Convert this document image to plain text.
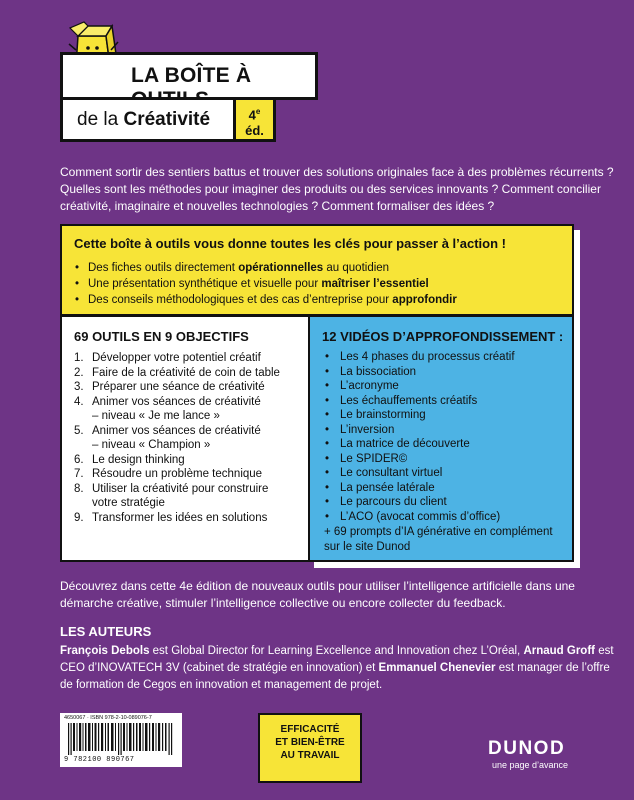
LA BOÎTE À
de la Créativité	4e
éd.
Comment sortir des sentiers battus et trouver des solutions originales face à des problèmes récurrents ? Quelles sont les méthodes pour imaginer des produits ou des services innovants ? Comment concilier créativité, imaginaire et nouvelles technologies ? Comment formaliser des idées ?
Cette boîte à outils vous donne toutes les clés pour passer à l’action !
• Des fiches outils directement opérationnelles au quotidien
• Une présentation synthétique et visuelle pour maîtriser l’essentiel
• Des conseils méthodologiques et des cas d’entreprise pour approfondir
69 OUTILS EN 9 OBJECTIFS
1. Développer votre potentiel créatif
2. Faire de la créativité de coin de table
3. Préparer une séance de créativité
4. Animer vos séances de créativité – niveau « Je me lance »
5. Animer vos séances de créativité – niveau « Champion »
6. Le design thinking
7. Résoudre un problème technique
8. Utiliser la créativité pour construire votre stratégie
9. Transformer les idées en solutions
12 VIDÉOS D’APPROFONDISSEMENT :
• Les 4 phases du processus créatif
• La bissociation
• L’acronyme
• Les échauffements créatifs
• Le brainstorming
• L’inversion
• La matrice de découverte
• Le SPIDER©
• Le consultant virtuel
• La pensée latérale
• Le parcours du client
• L’ACO (avocat commis d’office)
+ 69 prompts d’IA générative en complément sur le site Dunod
Découvrez dans cette 4e édition de nouveaux outils pour utiliser l’intelligence artificielle dans une démarche créative, stimuler l’intelligence collective ou encore collecter du feedback.
LES AUTEURS
François Debols est Global Director for Learning Excellence and Innovation chez L’Oréal, Arnaud Groff est CEO d’INOVATECH 3V (cabinet de stratégie en innovation) et Emmanuel Chenevier est manager de l’offre de formation de Cegos en innovation et management de projet.
4650067 · ISBN 978-2-10-089076-7
9 782100 890767
EFFICACITÉ
ET BIEN-ÊTRE
AU TRAVAIL	DUNOD
une page d’avance
